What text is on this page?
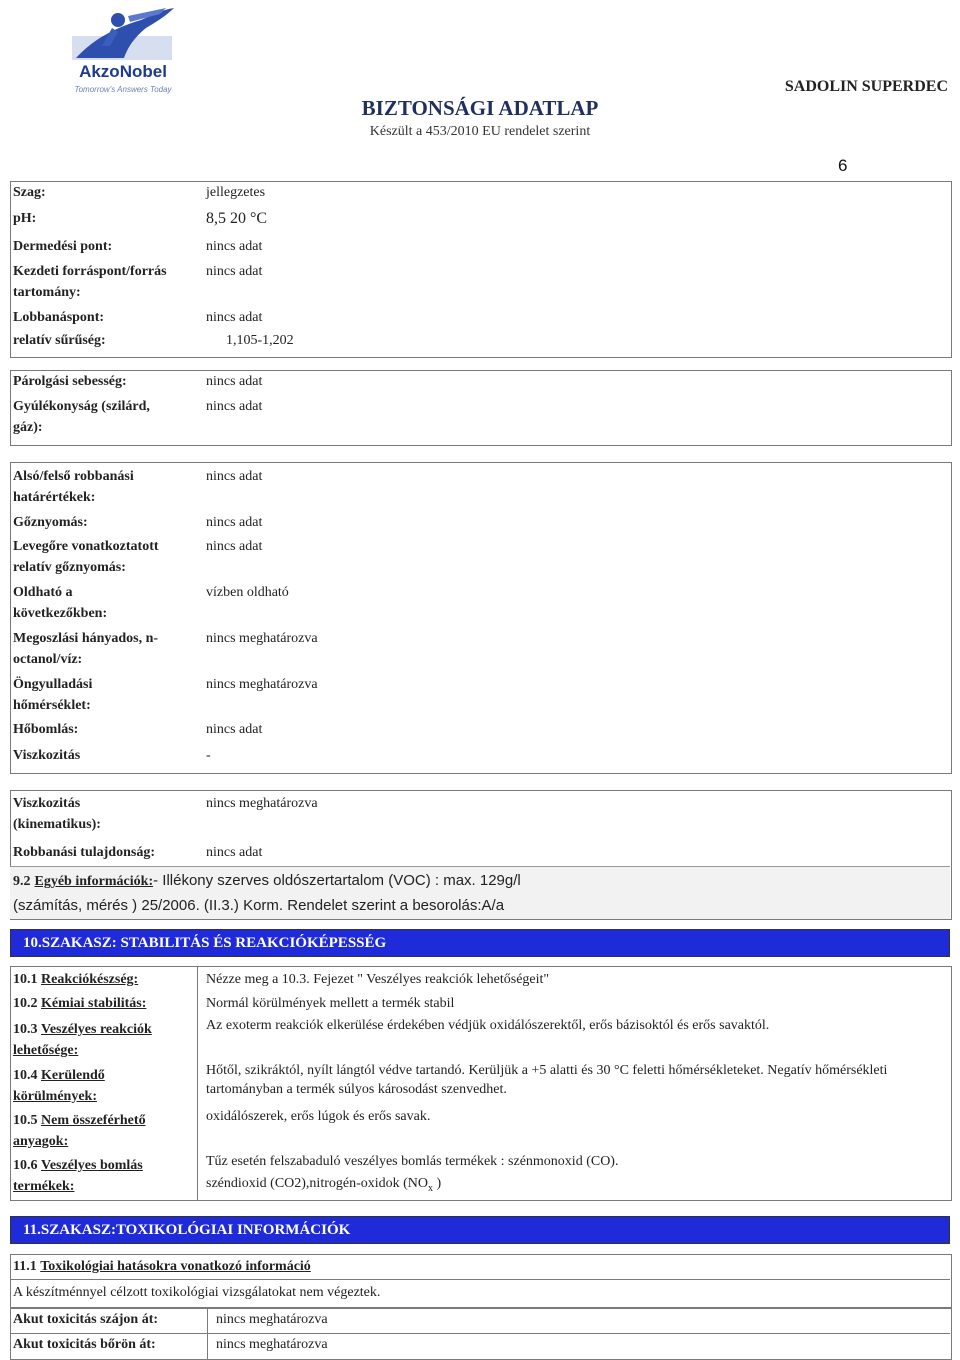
AkzoNobel
Tomorrow's Answers Today
BIZTONSÁGI ADATLAP
Készült a 453/2010 EU rendelet szerint
SADOLIN SUPERDEC
6
Szag:	jellegzetes
pH:	8,5 20 °C
Dermedési pont:	nincs adat
Kezdeti forráspont/forrás tartomány:
nincs adat
Lobbanáspont:	nincs adat
relatív sűrűség:	1,105-1,202
Párolgási sebesség:	nincs adat
Gyúlékonyság (szilárd, gáz):
nincs adat
Alsó/felső robbanási határértékek:
nincs adat
Gőznyomás:	nincs adat
Levegőre vonatkoztatott relatív gőznyomás:
nincs adat
Oldható a következőkben:
vízben oldható
Megoszlási hányados, n-octanol/víz:
nincs meghatározva
Öngyulladási hőmérséklet:
nincs meghatározva
Hőbomlás:	nincs adat
Viszkozitás	-
Viszkozitás (kinematikus):
nincs meghatározva
Robbanási tulajdonság:	nincs adat
9.2 Egyéb információk:- Illékony szerves oldószertartalom (VOC) : max. 129g/l
(számítás, mérés ) 25/2006. (II.3.) Korm. Rendelet szerint a besorolás:A/a
10.SZAKASZ: STABILITÁS ÉS REAKCIÓKÉPESSÉG
10.1 Reakciókészség:	Nézze meg a 10.3. Fejezet " Veszélyes reakciók lehetőségeit"
10.2 Kémiai stabilitás:	Normál körülmények mellett a termék stabil
10.3 Veszélyes reakciók lehetősége:
Az exoterm reakciók elkerülése érdekében védjük oxidálószerektől, erős bázisoktól és erős savaktól.
10.4 Kerülendő körülmények:
Hőtől, szikráktól, nyílt lángtól védve tartandó. Kerüljük a +5 alatti és 30 °C feletti hőmérsékleteket. Negatív hőmérsékleti tartományban a termék súlyos károsodást szenvedhet.
10.5 Nem összeférhető anyagok:
oxidálószerek, erős lúgok és erős savak.
10.6 Veszélyes bomlás termékek:
Tűz esetén felszabaduló veszélyes bomlás termékek : szénmonoxid (CO).
széndioxid (CO2),nitrogén-oxidok ($NO_x$ )
11.SZAKASZ:TOXIKOLÓGIAI INFORMÁCIÓK
11.1 Toxikológiai hatásokra vonatkozó információ
A készítménnyel célzott toxikológiai vizsgálatokat nem végeztek.
Akut toxicitás szájon át:	nincs meghatározva
Akut toxicitás bőrön át:	nincs meghatározva
